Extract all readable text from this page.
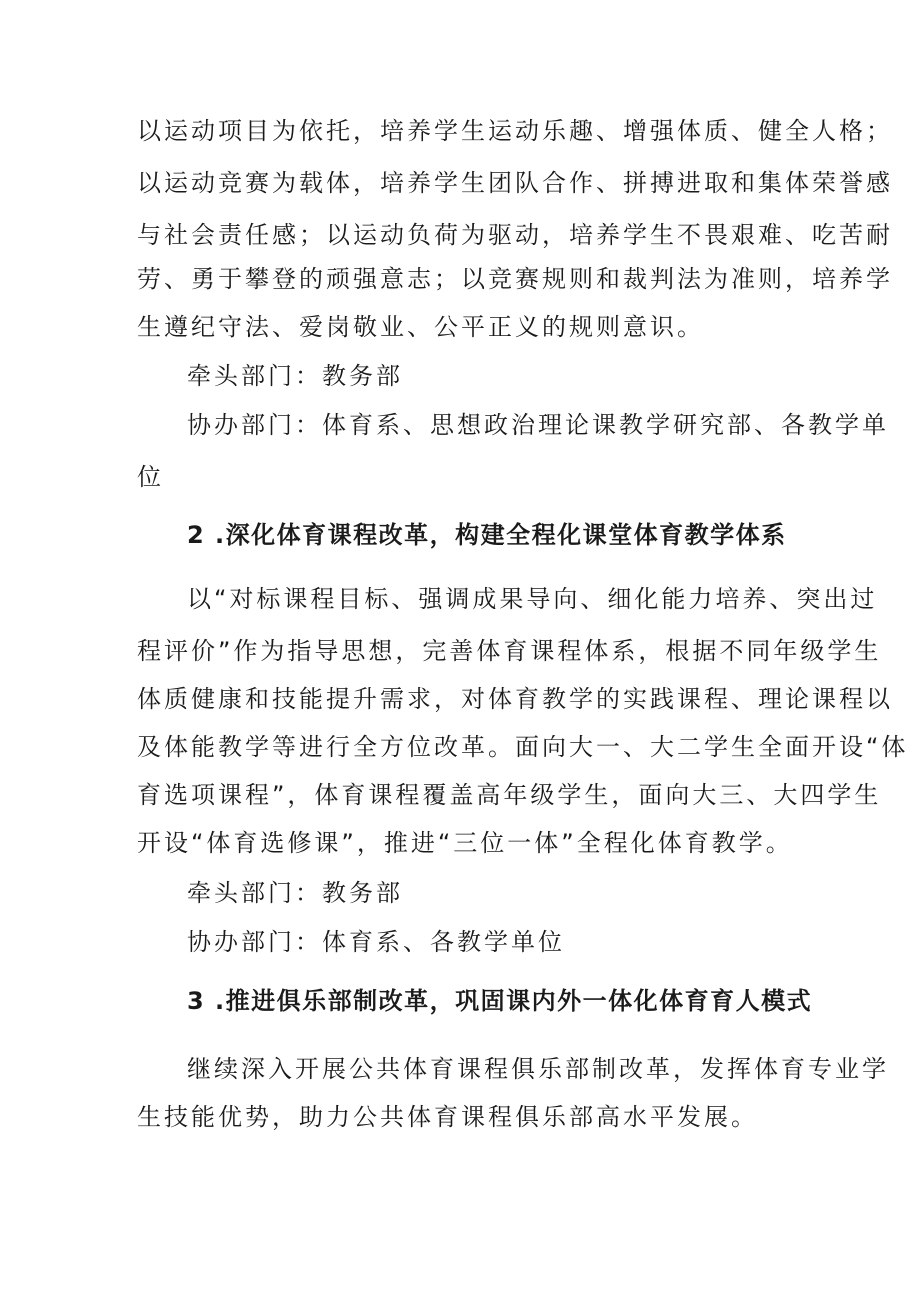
以运动项目为依托，培养学生运动乐趣、增强体质、健全人格；
以运动竞赛为载体，培养学生团队合作、拼搏进取和集体荣誉感
与社会责任感；以运动负荷为驱动，培养学生不畏艰难、吃苦耐
劳、勇于攀登的顽强意志；以竞赛规则和裁判法为准则，培养学
生遵纪守法、爱岗敬业、公平正义的规则意识。
牵头部门：教务部
协办部门：体育系、思想政治理论课教学研究部、各教学单
位
2 .深化体育课程改革，构建全程化课堂体育教学体系
以“对标课程目标、强调成果导向、细化能力培养、突出过
程评价”作为指导思想，完善体育课程体系，根据不同年级学生
体质健康和技能提升需求，对体育教学的实践课程、理论课程以
及体能教学等进行全方位改革。面向大一、大二学生全面开设“体
育选项课程”，体育课程覆盖高年级学生，面向大三、大四学生
开设“体育选修课”，推进“三位一体”全程化体育教学。
牵头部门：教务部
协办部门：体育系、各教学单位
3 .推进俱乐部制改革，巩固课内外一体化体育育人模式
继续深入开展公共体育课程俱乐部制改革，发挥体育专业学
生技能优势，助力公共体育课程俱乐部高水平发展。
